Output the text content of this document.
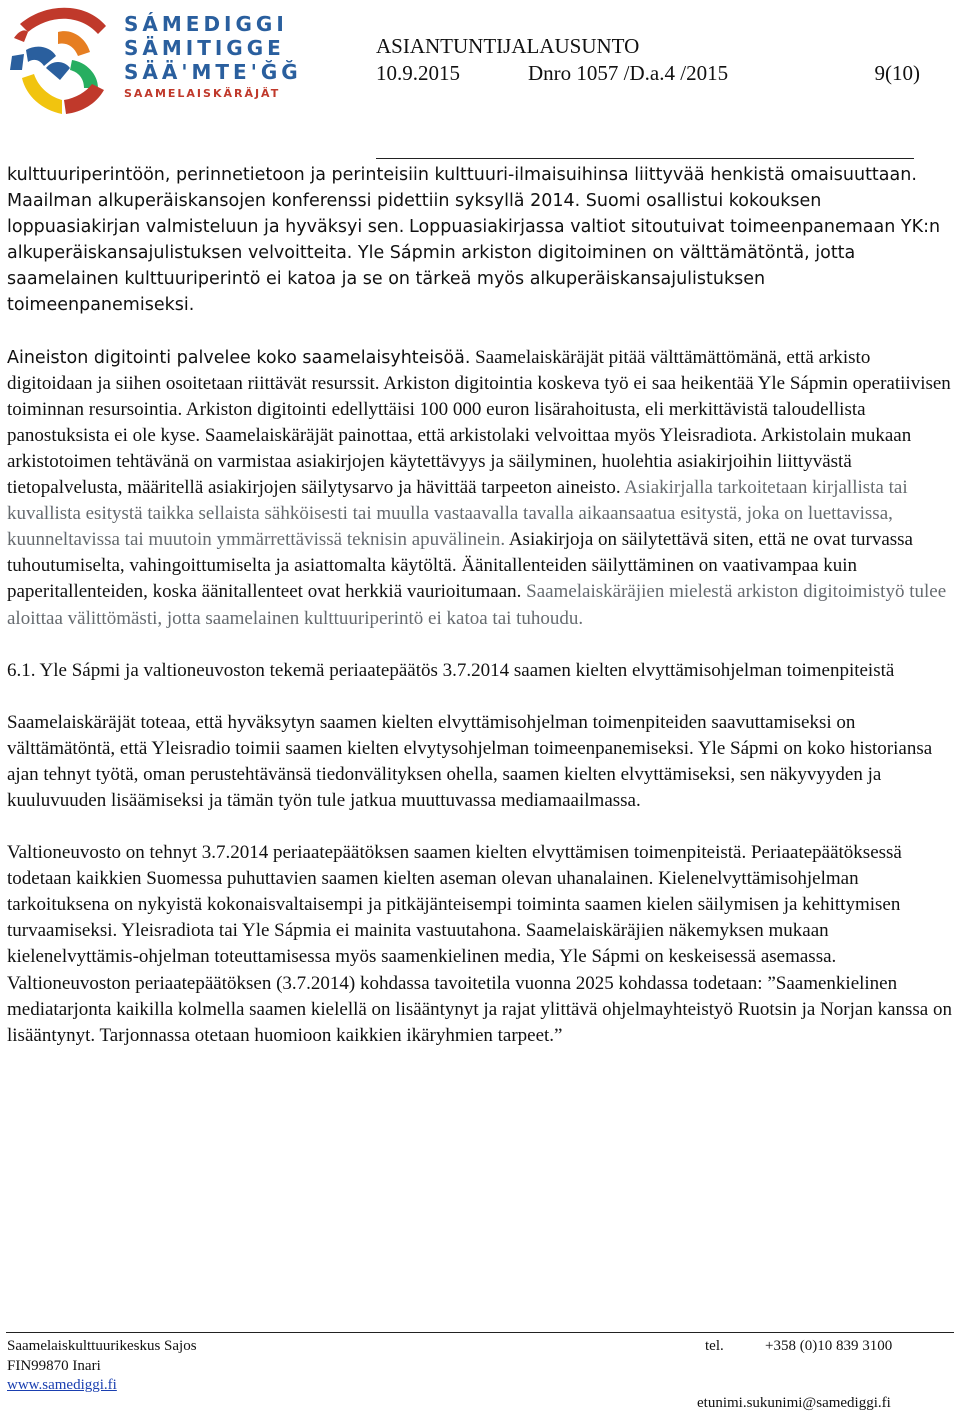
SÁMEDIGGI
SÄMITIGGE
SÄÄ'MTE'ĞĞ
SAAMELAISKÄRÄJÄT
ASIANTUNTIJALAUSUNTO
10.9.2015	Dnro 1057 /D.a.4 /2015	9(10)

kulttuuriperintöön, perinnetietoon ja perinteisiin kulttuuri-ilmaisuihinsa liittyvää henkistä omaisuuttaan. Maailman alkuperäiskansojen konferenssi pidettiin syksyllä 2014. Suomi osallistui kokouksen loppuasiakirjan valmisteluun ja hyväksyi sen. Loppuasiakirjassa valtiot sitoutuivat toimeenpanemaan YK:n alkuperäiskansajulistuksen velvoitteita. Yle Sápmin arkiston digitoiminen on välttämätöntä, jotta saamelainen kulttuuriperintö ei katoa ja se on tärkeä myös alkuperäiskansajulistuksen toimeenpanemiseksi.

Aineiston digitointi palvelee koko saamelaisyhteisöä. Saamelaiskäräjät pitää välttämättömänä, että arkisto digitoidaan ja siihen osoitetaan riittävät resurssit. Arkiston digitointia koskeva työ ei saa heikentää Yle Sápmin operatiivisen toiminnan resursointia. Arkiston digitointi edellyttäisi 100 000 euron lisärahoitusta, eli merkittävistä taloudellista panostuksista ei ole kyse. Saamelaiskäräjät painottaa, että arkistolaki velvoittaa myös Yleisradiota. Arkistolain mukaan arkistotoimen tehtävänä on varmistaa asiakirjojen käytettävyys ja säilyminen, huolehtia asiakirjoihin liittyvästä tietopalvelusta, määritellä asiakirjojen säilytysarvo ja hävittää tarpeeton aineisto. Asiakirjalla tarkoitetaan kirjallista tai kuvallista esitystä taikka sellaista sähköisesti tai muulla vastaavalla tavalla aikaansaatua esitystä, joka on luettavissa, kuunneltavissa tai muutoin ymmärrettävissä teknisin apuvälinein. Asiakirjoja on säilytettävä siten, että ne ovat turvassa tuhoutumiselta, vahingoittumiselta ja asiattomalta käytöltä. Äänitallenteiden säilyttäminen on vaativampaa kuin paperitallenteiden, koska äänitallenteet ovat herkkiä vaurioitumaan. Saamelaiskäräjien mielestä arkiston digitoimistyö tulee aloittaa välittömästi, jotta saamelainen kulttuuriperintö ei katoa tai tuhoudu.

6.1. Yle Sápmi ja valtioneuvoston tekemä periaatepäätös 3.7.2014 saamen kielten elvyttämisohjelman toimenpiteistä

Saamelaiskäräjät toteaa, että hyväksytyn saamen kielten elvyttämisohjelman toimenpiteiden saavuttamiseksi on välttämätöntä, että Yleisradio toimii saamen kielten elvytysohjelman toimeenpanemiseksi. Yle Sápmi on koko historiansa ajan tehnyt työtä, oman perustehtävänsä tiedonvälityksen ohella, saamen kielten elvyttämiseksi, sen näkyvyyden ja kuuluvuuden lisäämiseksi ja tämän työn tule jatkua muuttuvassa mediamaailmassa.

Valtioneuvosto on tehnyt 3.7.2014 periaatepäätöksen saamen kielten elvyttämisen toimenpiteistä. Periaatepäätöksessä todetaan kaikkien Suomessa puhuttavien saamen kielten aseman olevan uhanalainen. Kielenelvyttämisohjelman tarkoituksena on nykyistä kokonaisvaltaisempi ja pitkäjänteisempi toiminta saamen kielen säilymisen ja kehittymisen turvaamiseksi. Yleisradiota tai Yle Sápmia ei mainita vastuutahona. Saamelaiskäräjien näkemyksen mukaan kielenelvyttämis-ohjelman toteuttamisessa myös saamenkielinen media, Yle Sápmi on keskeisessä asemassa. Valtioneuvoston periaatepäätöksen (3.7.2014) kohdassa tavoitetila vuonna 2025 kohdassa todetaan: ”Saamenkielinen mediatarjonta kaikilla kolmella saamen kielellä on lisääntynyt ja rajat ylittävä ohjelmayhteistyö Ruotsin ja Norjan kanssa on lisääntynyt. Tarjonnassa otetaan huomioon kaikkien ikäryhmien tarpeet.”

Saamelaiskulttuurikeskus Sajos
FIN99870 Inari
www.samediggi.fi
tel.	+358 (0)10 839 3100
etunimi.sukunimi@samediggi.fi
